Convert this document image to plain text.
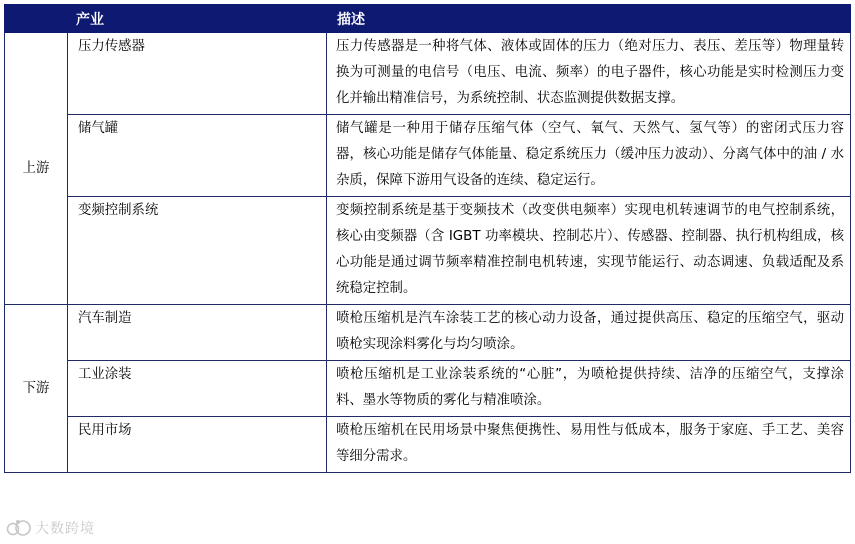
	产业	描述
上游	压力传感器	压力传感器是一种将气体、液体或固体的压力（绝对压力、表压、差压等）物理量转换为可测量的电信号（电压、电流、频率）的电子器件，核心功能是实时检测压力变化并输出精准信号，为系统控制、状态监测提供数据支撑。
	储气罐	储气罐是一种用于储存压缩气体（空气、氧气、天然气、氢气等）的密闭式压力容器，核心功能是储存气体能量、稳定系统压力（缓冲压力波动）、分离气体中的油 / 水杂质，保障下游用气设备的连续、稳定运行。
	变频控制系统	变频控制系统是基于变频技术（改变供电频率）实现电机转速调节的电气控制系统，核心由变频器（含 IGBT 功率模块、控制芯片）、传感器、控制器、执行机构组成，核心功能是通过调节频率精准控制电机转速，实现节能运行、动态调速、负载适配及系统稳定控制。
下游	汽车制造	喷枪压缩机是汽车涂装工艺的核心动力设备，通过提供高压、稳定的压缩空气，驱动喷枪实现涂料雾化与均匀喷涂。
	工业涂装	喷枪压缩机是工业涂装系统的“心脏”，为喷枪提供持续、洁净的压缩空气，支撑涂料、墨水等物质的雾化与精准喷涂。
	民用市场	喷枪压缩机在民用场景中聚焦便携性、易用性与低成本，服务于家庭、手工艺、美容等细分需求。
大数跨境
